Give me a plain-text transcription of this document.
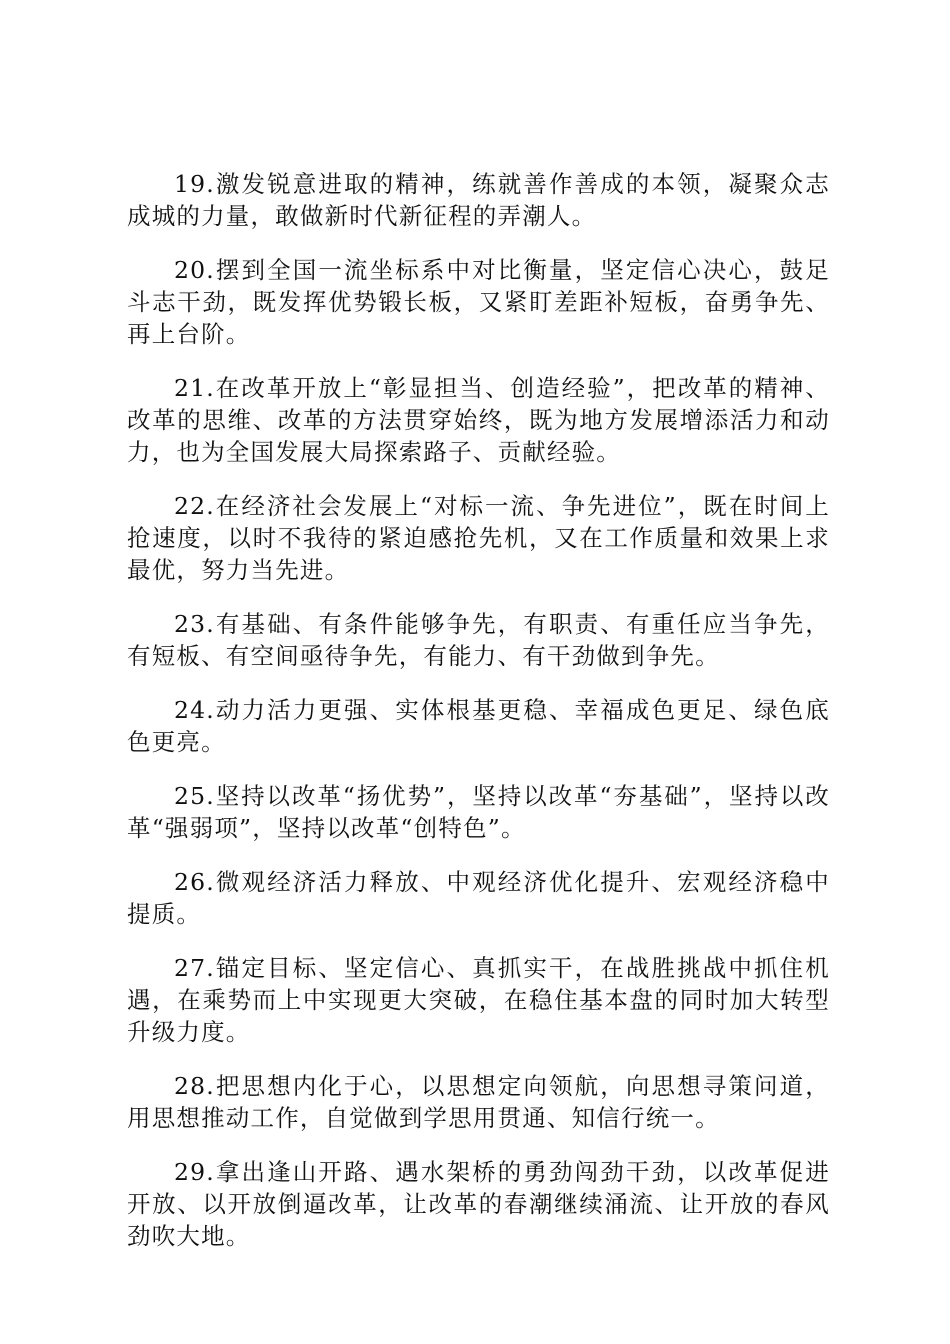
19.激发锐意进取的精神，练就善作善成的本领，凝聚众志成城的力量，敢做新时代新征程的弄潮人。

20.摆到全国一流坐标系中对比衡量，坚定信心决心，鼓足斗志干劲，既发挥优势锻长板，又紧盯差距补短板，奋勇争先、再上台阶。

21.在改革开放上“彰显担当、创造经验”，把改革的精神、改革的思维、改革的方法贯穿始终，既为地方发展增添活力和动力，也为全国发展大局探索路子、贡献经验。

22.在经济社会发展上“对标一流、争先进位”，既在时间上抢速度，以时不我待的紧迫感抢先机，又在工作质量和效果上求最优，努力当先进。

23.有基础、有条件能够争先，有职责、有重任应当争先，有短板、有空间亟待争先，有能力、有干劲做到争先。

24.动力活力更强、实体根基更稳、幸福成色更足、绿色底色更亮。

25.坚持以改革“扬优势”，坚持以改革“夯基础”，坚持以改革“强弱项”，坚持以改革“创特色”。

26.微观经济活力释放、中观经济优化提升、宏观经济稳中提质。

27.锚定目标、坚定信心、真抓实干，在战胜挑战中抓住机遇，在乘势而上中实现更大突破，在稳住基本盘的同时加大转型升级力度。

28.把思想内化于心，以思想定向领航，向思想寻策问道，用思想推动工作，自觉做到学思用贯通、知信行统一。

29.拿出逢山开路、遇水架桥的勇劲闯劲干劲，以改革促进开放、以开放倒逼改革，让改革的春潮继续涌流、让开放的春风劲吹大地。
